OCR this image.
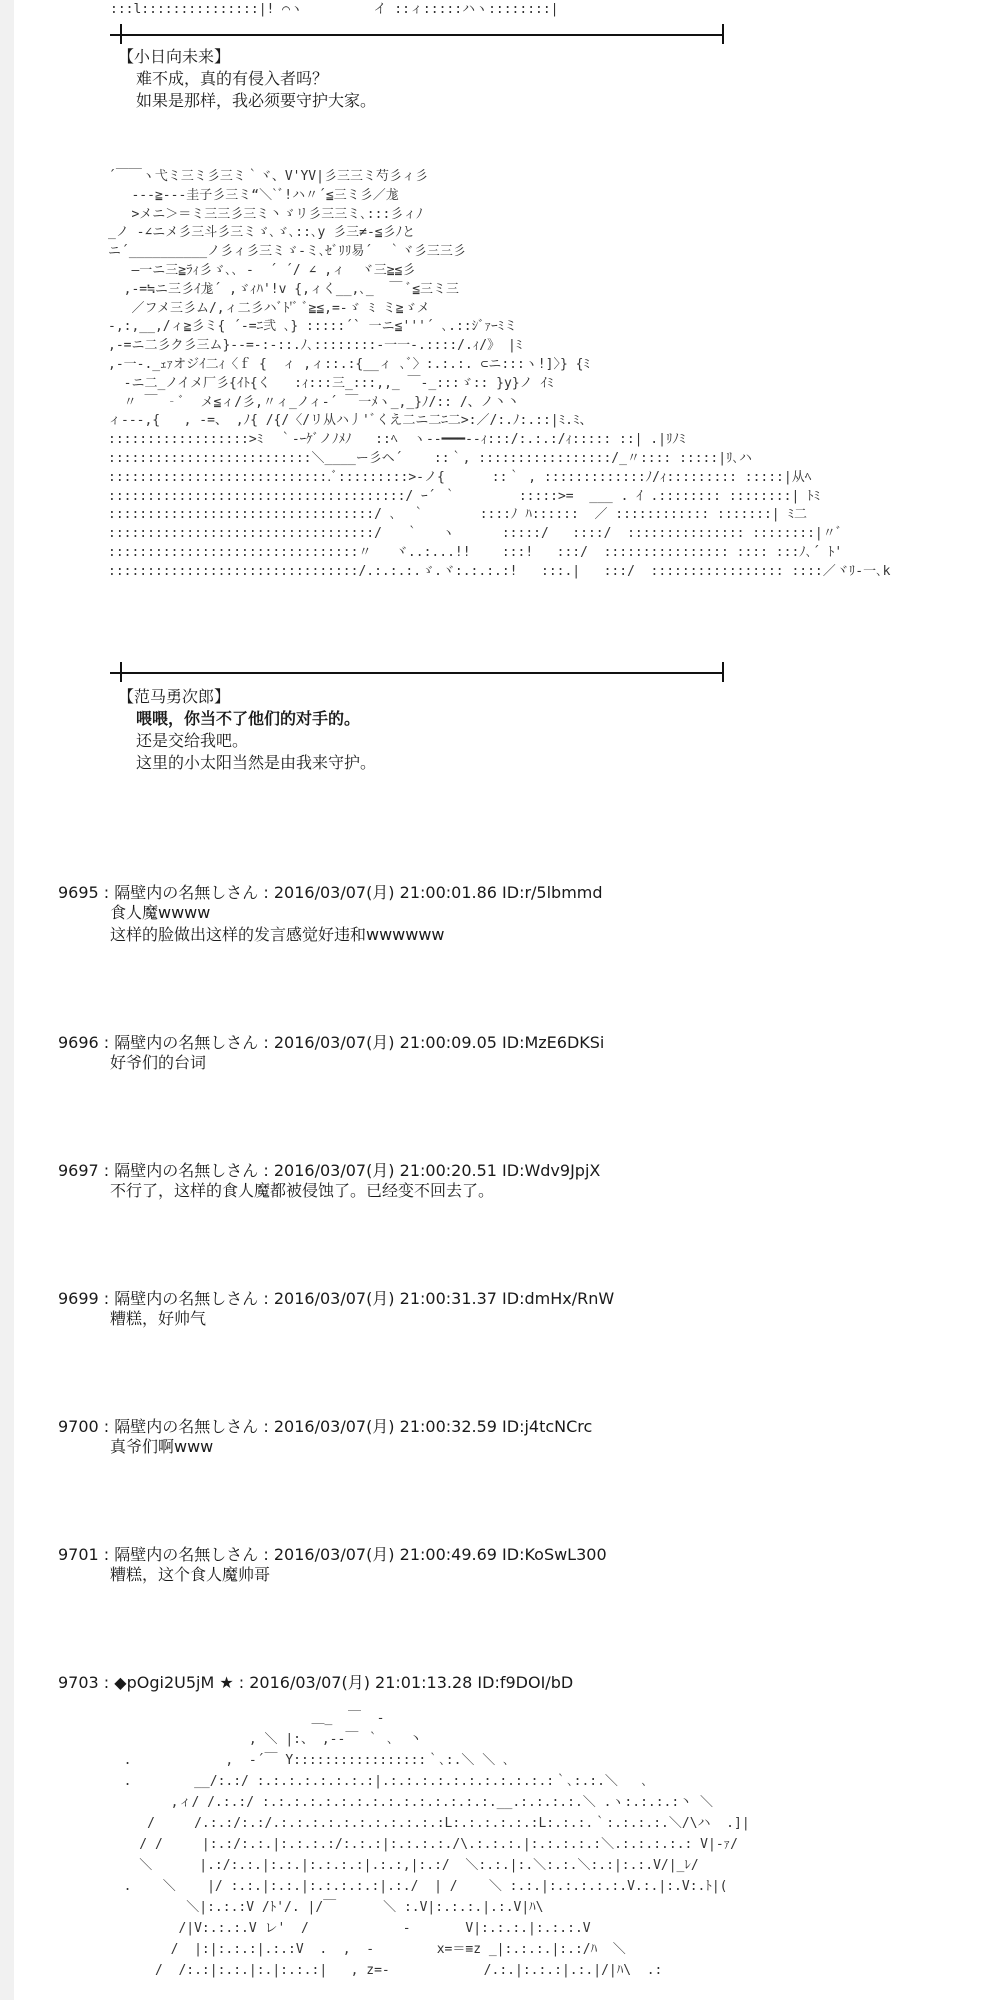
:::l:::::::::::::::|! ⌒ヽ         イ ::ィ:::::ハヽ::::::::|
【小日向未来】
难不成，真的有侵入者吗？
如果是那样，我必须要守护大家。
´￣￣ヽ弋ミ三ミ彡三ミ｀ヾ、V'YV|彡三三ミ芍彡ィ彡
‐‐‐≧‐‐‐圭子彡三ミ“＼`ﾞ!ハ〃´≦三ミ彡／尨
>メニ＞＝ミ三三彡三ミ丶ゞリ彡三三ミ､:::彡ィﾉ
_ノ ‐∠ニメ彡三斗彡三ミゞ､ゞ､::､y 彡三≠‐≦彡ﾉと
ニ´__________ノ彡ィ彡三ミゞ‐ミ､ｾﾞﾘﾘ易´  ｀ヾ彡三三彡
―一ニ三≧ﾗｨ彡ゞ､､ ‐  ´ ´/ ∠ ,ィ  ヾ三≧≦彡
,‐=≒ニ三彡ｲ尨´ ,ゞｨﾊ'!v {,ィく__,､_  ￣ ﾞ≦三ミ三
／フメ三彡ム/,ィ二彡ハﾞﾄ'ﾞ ﾞ≧≦,=‐ゞ ﾐ ミ≧ゞメ
‐,:,__,/ィ≧彡ミ{ ´‐=ﾆ弐 ､} :::::´` 一ニ≦'''´ ､.::ｼﾞｧｰﾐミ
,‐=ニ二彡ク彡三ム}‐‐=-:‐::.ﾉ､::::::::‐一一‐.::::/.ｨ/》 |ﾐ
,‐一‐._ｪｧオジｲ二ｨ〈ｆ {  ィ ,ィ::.:{__ィ ､ﾞ〉:.:.:. ⊂ニ:::ヽ!]〉} {ﾐ
‐ニ二_ノイメ厂彡{ｲﾄ{く   :ｨ:::三_:::,,_ ￣‐_:::ゞ:: }y}ノ ｲﾐ
〃 ￣ ‐ﾞ  メ≦ィ/彡,〃ィ_ノィ‐´ ￣一ﾒヽ_,_}ﾉ/:: /、ノ丶丶
ィ‐‐‐,{   , ‐=、 ,ﾉ{ /{/〈/リ从ハ丿'ﾞくえ二ニ二ﾆ二>:／/:.ﾉ:.::|ﾐ.ﾐ、
::::::::::::::::::>ﾐ  ｀‐ｰｹﾞノﾉﾒﾉ   ::ﾍ  ヽ‐‐━━━‐‐ｨ:::/:.:.:/ｨ::::: ::| .|ﾘﾉﾐ
::::::::::::::::::::::::::＼____ー彡ヘ´    ::｀, :::::::::::::::::/_〃:::: :::::|ﾘ､ハ
::::::::::::::::::::::::::::.ﾞ:::::::::>‐ノ{      ::｀ , :::::::::::::ﾉ/ｨ::::::::: :::::|从ﾍ
::::::::::::::::::::::::::::::::::::::/ ｰ´ ｀        :::::>=  ___ . ｲ .:::::::: ::::::::| ﾄﾐ
::::::::::::::::::::::::::::::::::/ ､  ｀       ::::ﾉ ﾊ::::::  ／ :::::::::::: :::::::| ﾐ二
::::::::::::::::::::::::::::::::::/   ｀   ヽ      :::::/   ::::/  ::::::::::::::: ::::::::|〃ﾞ
::::::::::::::::::::::::::::::::〃   ヾ..:...!!    :::!   :::/  :::::::::::::::: :::: :::ﾉ､´ ﾄ'
::::::::::::::::::::::::::::::::/.:.:.:.ゞ.ヾ:.:.:.:!   :::.|   :::/  ::::::::::::::::: ::::／ヾﾘ‐一､k
【范马勇次郎】
喂喂，你当不了他们的对手的。
还是交给我吧。
这里的小太阳当然是由我来守护。
9695 : 隔壁内の名無しさん : 2016/03/07(月) 21:00:01.86 ID:r/5lbmmd
食人魔wwww
这样的脸做出这样的发言感觉好违和wwwwww
9696 : 隔壁内の名無しさん : 2016/03/07(月) 21:00:09.05 ID:MzE6DKSi
好爷们的台词
9697 : 隔壁内の名無しさん : 2016/03/07(月) 21:00:20.51 ID:Wdv9JpjX
不行了，这样的食人魔都被侵蚀了。已经变不回去了。
9699 : 隔壁内の名無しさん : 2016/03/07(月) 21:00:31.37 ID:dmHx/RnW
糟糕，好帅气
9700 : 隔壁内の名無しさん : 2016/03/07(月) 21:00:32.59 ID:j4tcNCrc
真爷们啊www
9701 : 隔壁内の名無しさん : 2016/03/07(月) 21:00:49.69 ID:KoSwL300
糟糕，这个食人魔帅哥
9703 : ◆pOgi2U5jM ★ : 2016/03/07(月) 21:01:13.28 ID:f9DOI/bD
＿_  ￣  ‐
, ＼ |:、 ,‐‐￣ ｀ ､  丶
.            ,  ‐´￣ Y:::::::::::::::::｀､:.＼ ＼ ､
.        __/:.:/ :.:.:.:.:.:.:.:|.:.:.:.:.:.:.:.:.:.:.:｀､:.:.＼   ､
,ィ/ /.:.:/ :.:.:.:.:.:.:.:.:.:.:.:.:.:.:.__.:.:.:.:.＼ .ヽ:.:.:.:丶 ＼
/     /.:.:/:.:/.:.:.:.:.:.:.:.:.:.:.:L:.:.:.:.:.:L:.:.:.｀:.:.:.:.＼/\ハ  .]|
/ /     |:.:/:.:.|:.:.:.:/:.:.:|:.:.:.:./\.:.:.:.|:.:.:.:.:＼.:.:.:.:.: V|‐ｧ/
＼      |.:/:.:.|:.:.|:.:.:.:|.:.:,|:.:/  ＼:.:.|:.＼:.:.＼:.:|:.:.V/|_ﾚ/
.    ＼    |/ :.:.|:.:.|:.:.:.:.:|.:./  | /    ＼ :.:.|:.:.:.:.:.V.:.|:.V:.ﾄ|(
＼|:.:.:V /ﾄ'/. |/￣      ＼ :.V|:.:.:.|.:.V|ﾊ\
/|V:.:.:.V レ'  /            ‐       V|:.:.:.|:.:.:.V
/  |:|:.:.:|.:.:V  .  ,  ‐        x=＝≡z _|:.:.:.|:.:/ﾊ  ＼
/  /:.:|:.:.|:.|:.:.:|   , z=‐            /.:.|:.:.:|.:.|/|ﾊ\  .:
